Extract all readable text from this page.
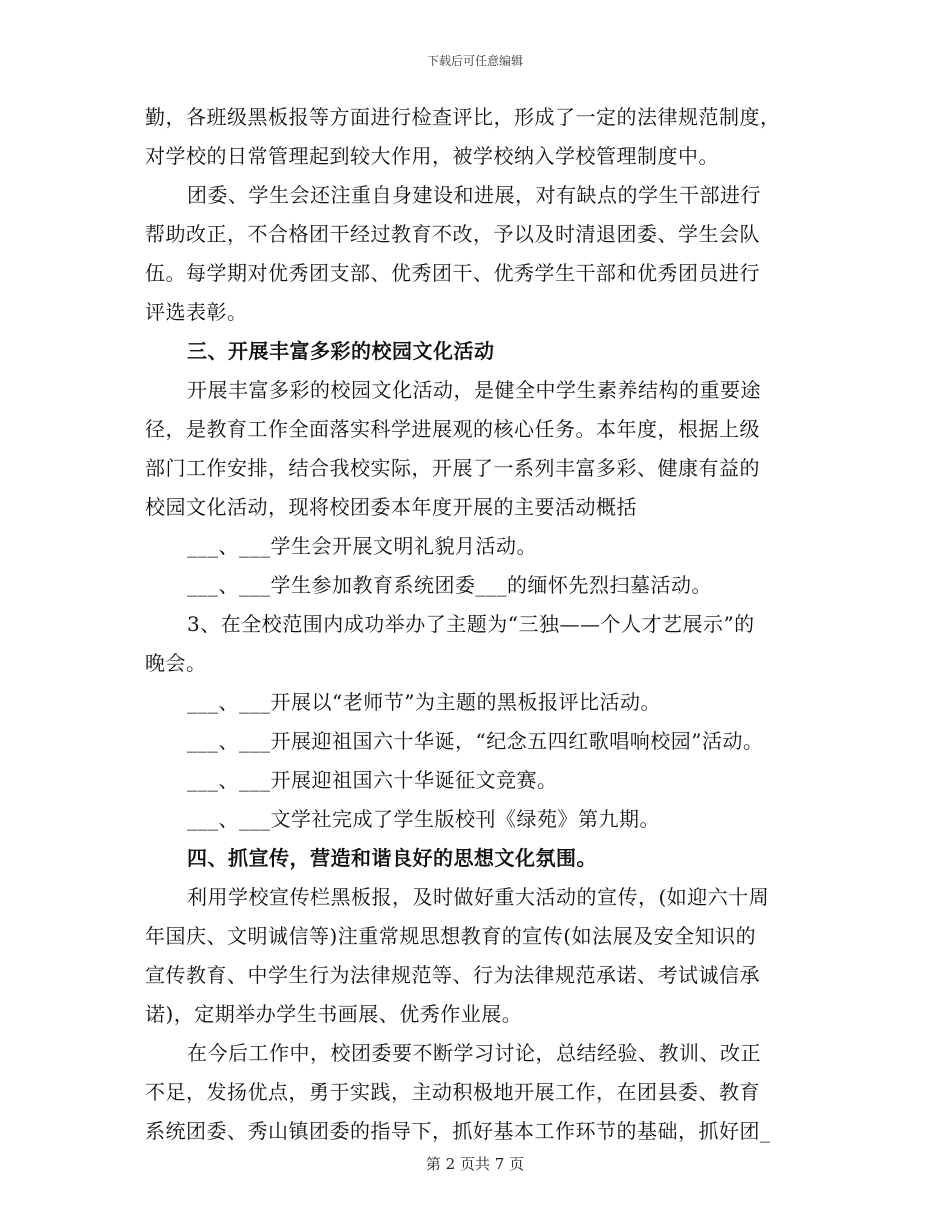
下载后可任意编辑
勤，各班级黑板报等方面进行检查评比，形成了一定的法律规范制度，
对学校的日常管理起到较大作用，被学校纳入学校管理制度中。
团委、学生会还注重自身建设和进展，对有缺点的学生干部进行
帮助改正，不合格团干经过教育不改，予以及时清退团委、学生会队
伍。每学期对优秀团支部、优秀团干、优秀学生干部和优秀团员进行
评选表彰。
三、开展丰富多彩的校园文化活动
开展丰富多彩的校园文化活动，是健全中学生素养结构的重要途
径，是教育工作全面落实科学进展观的核心任务。本年度，根据上级
部门工作安排，结合我校实际，开展了一系列丰富多彩、健康有益的
校园文化活动，现将校团委本年度开展的主要活动概括
___、___学生会开展文明礼貌月活动。
___、___学生参加教育系统团委___的缅怀先烈扫墓活动。
3、在全校范围内成功举办了主题为“三独——个人才艺展示”的
晚会。
___、___开展以“老师节”为主题的黑板报评比活动。
___、___开展迎祖国六十华诞，“纪念五四红歌唱响校园”活动。
___、___开展迎祖国六十华诞征文竞赛。
___、___文学社完成了学生版校刊《绿苑》第九期。
四、抓宣传，营造和谐良好的思想文化氛围。
利用学校宣传栏黑板报，及时做好重大活动的宣传，(如迎六十周
年国庆、文明诚信等)注重常规思想教育的宣传(如法展及安全知识的
宣传教育、中学生行为法律规范等、行为法律规范承诺、考试诚信承
诺)，定期举办学生书画展、优秀作业展。
在今后工作中，校团委要不断学习讨论，总结经验、教训、改正
不足，发扬优点，勇于实践，主动积极地开展工作，在团县委、教育
系统团委、秀山镇团委的指导下，抓好基本工作环节的基础，抓好团_
第 2 页共 7 页
